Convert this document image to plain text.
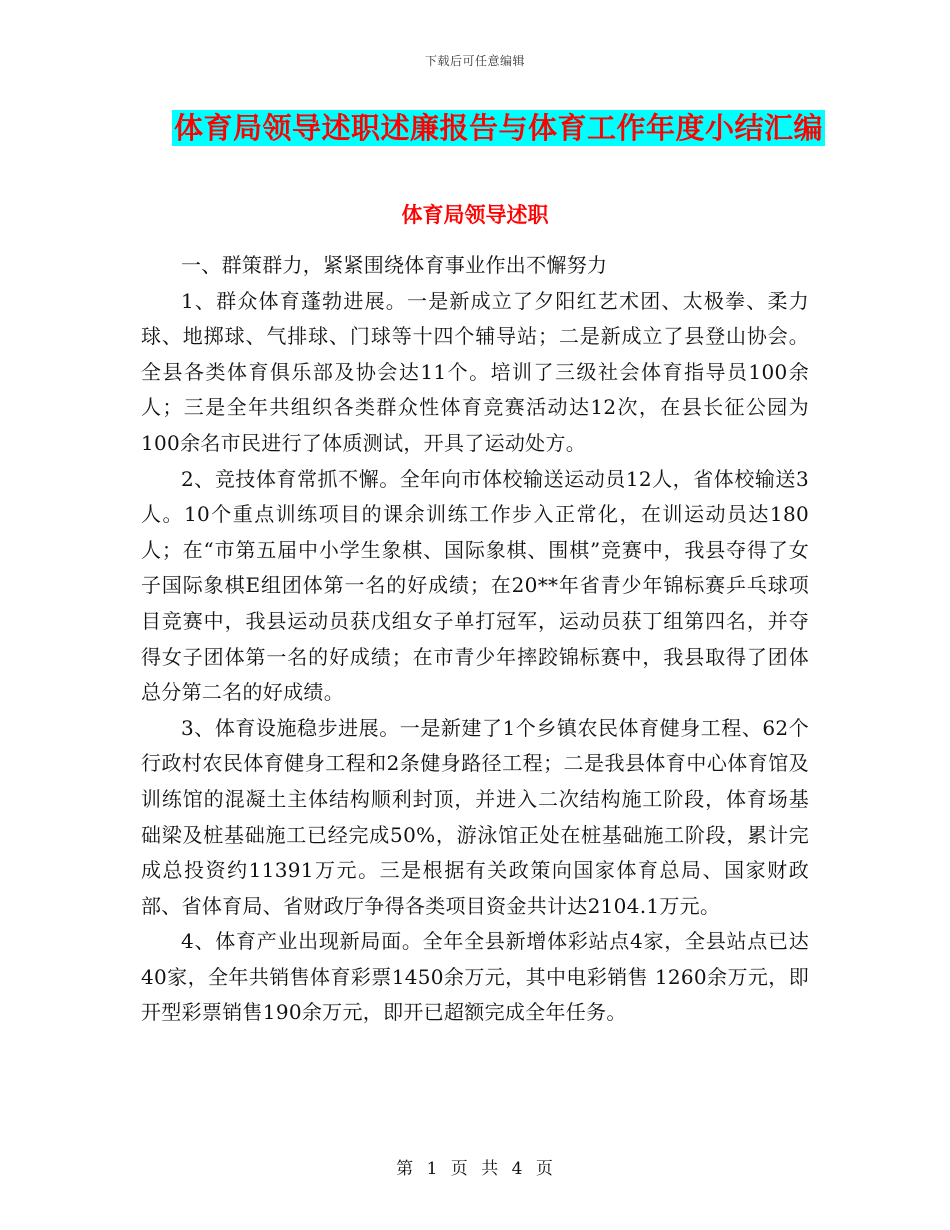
下载后可任意编辑
体育局领导述职述廉报告与体育工作年度小结汇编
体育局领导述职

一、群策群力，紧紧围绕体育事业作出不懈努力

1、群众体育蓬勃进展。一是新成立了夕阳红艺术团、太极拳、柔力球、地掷球、气排球、门球等十四个辅导站；二是新成立了县登山协会。全县各类体育俱乐部及协会达11个。培训了三级社会体育指导员100余人；三是全年共组织各类群众性体育竞赛活动达12次，在县长征公园为100余名市民进行了体质测试，开具了运动处方。

2、竞技体育常抓不懈。全年向市体校输送运动员12人，省体校输送3人。10个重点训练项目的课余训练工作步入正常化，在训运动员达180人；在“市第五届中小学生象棋、国际象棋、围棋”竞赛中，我县夺得了女子国际象棋E组团体第一名的好成绩；在20**年省青少年锦标赛乒乓球项目竞赛中，我县运动员获戊组女子单打冠军，运动员获丁组第四名，并夺得女子团体第一名的好成绩；在市青少年摔跤锦标赛中，我县取得了团体总分第二名的好成绩。

3、体育设施稳步进展。一是新建了1个乡镇农民体育健身工程、62个行政村农民体育健身工程和2条健身路径工程；二是我县体育中心体育馆及训练馆的混凝土主体结构顺利封顶，并进入二次结构施工阶段，体育场基础梁及桩基础施工已经完成50%，游泳馆正处在桩基础施工阶段，累计完成总投资约11391万元。三是根据有关政策向国家体育总局、国家财政部、省体育局、省财政厅争得各类项目资金共计达2104.1万元。

4、体育产业出现新局面。全年全县新增体彩站点4家，全县站点已达40家，全年共销售体育彩票1450余万元，其中电彩销售 1260余万元，即开型彩票销售190余万元，即开已超额完成全年任务。

第 1 页 共 4 页
